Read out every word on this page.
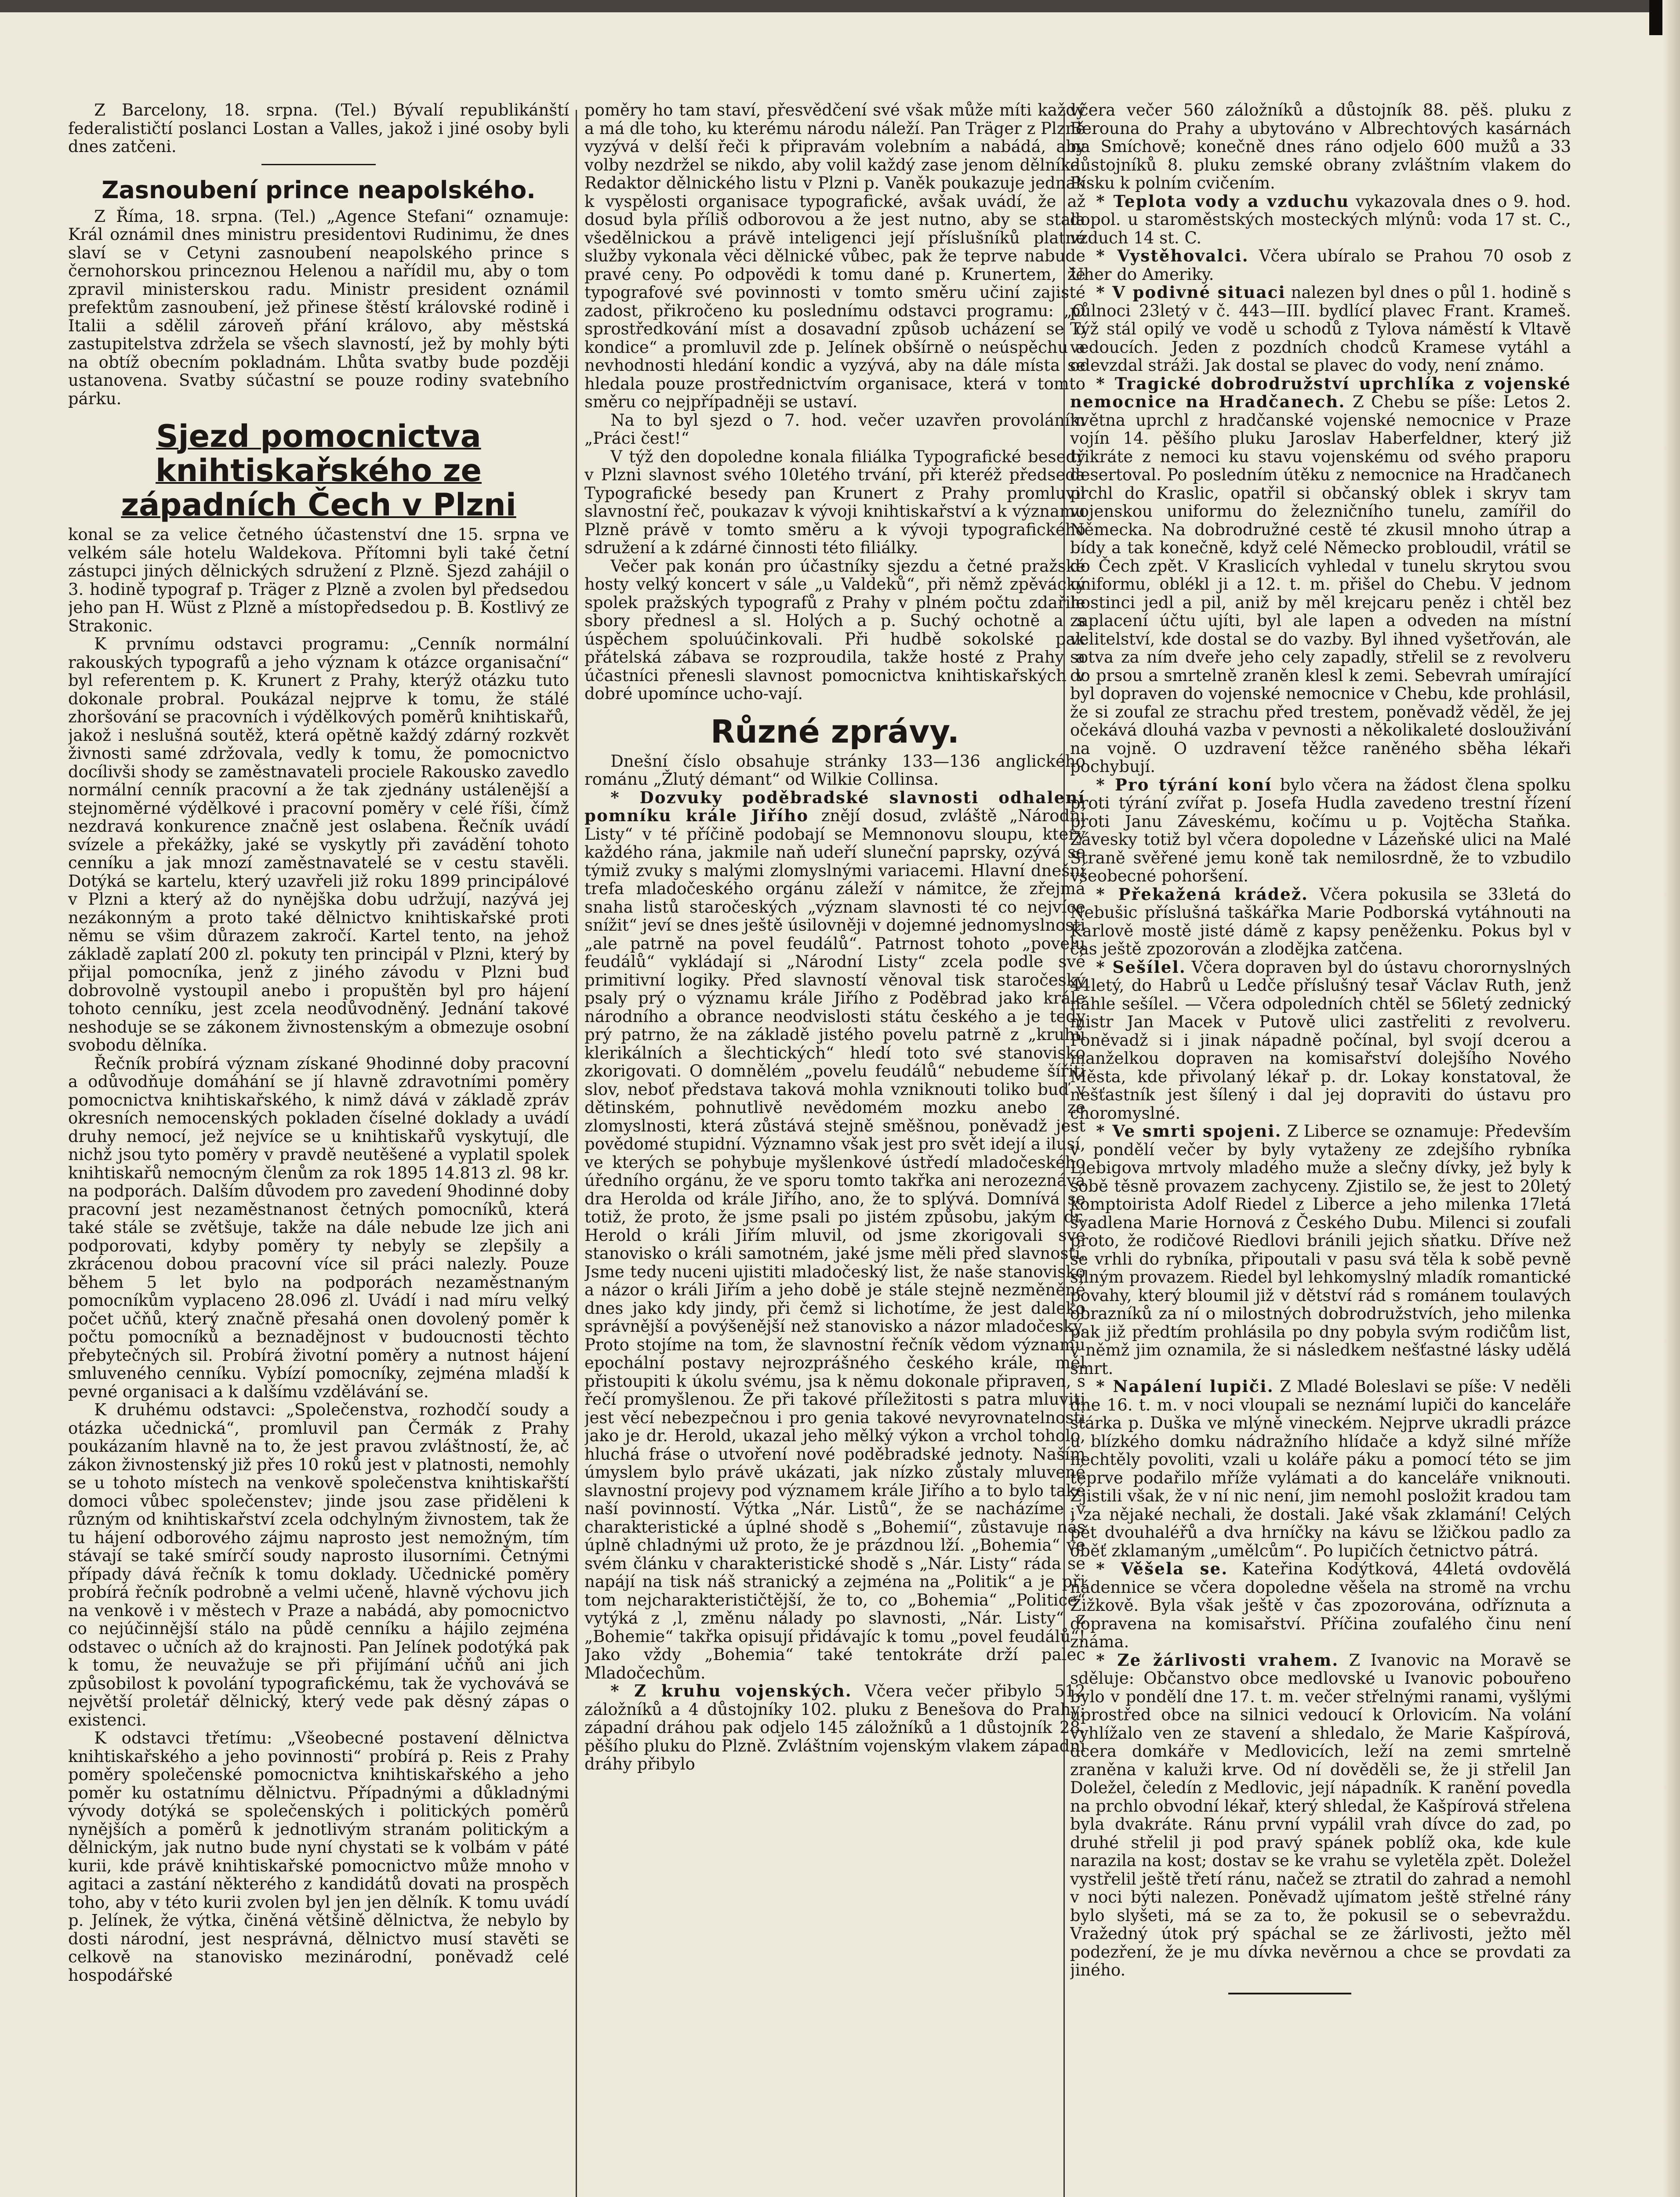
Z Barcelony, 18. srpna. (Tel.) Bývalí republikánští federalističtí poslanci Lostan a Valles, jakož i jiné osoby byli dnes zatčeni.

Zasnoubení prince neapolského.

Z Říma, 18. srpna. (Tel.) „Agence Stefani“ oznamuje: Král oznámil dnes ministru presidentovi Rudinimu, že dnes slaví se v Cetyni zasnoubení neapolského prince s černohorskou princeznou Helenou a nařídil mu, aby o tom zpravil ministerskou radu. Ministr president oznámil prefektům zasnoubení, jež přinese štěstí královské rodině i Italii a sdělil zároveň přání královo, aby městská zastupitelstva zdržela se všech slavností, jež by mohly býti na obtíž obecním pokladnám. Lhůta svatby bude později ustanovena. Svatby súčastní se pouze rodiny svatebního párku.

Sjezd pomocnictva knihtiskařského ze západních Čech v Plzni

konal se za velice četného účastenství dne 15. srpna ve velkém sále hotelu Waldekova. Přítomni byli také četní zástupci jiných dělnických sdružení z Plzně. Sjezd zahájil o 3. hodině typograf p. Träger z Plzně a zvolen byl předsedou jeho pan H. Wüst z Plzně a místopředsedou p. B. Kostlivý ze Strakonic.

K prvnímu odstavci programu: „Cenník normální rakouských typografů a jeho význam k otázce organisační“ byl referentem p. K. Krunert z Prahy, kterýž otázku tuto dokonale probral. Poukázal nejprve k tomu, že stálé zhoršování se pracovních i výdělkových poměrů knihtiskařů, jakož i neslušná soutěž, která opětně každý zdárný rozkvět živnosti samé zdržovala, vedly k tomu, že pomocnictvo docílivši shody se zaměstnavateli prociele Rakousko zavedlo normální cenník pracovní a že tak zjednány ustálenější a stejnoměrné výdělkové i pracovní poměry v celé říši, čímž nezdravá konkurence značně jest oslabena. Řečník uvádí svízele a překážky, jaké se vyskytly při zavádění tohoto cenníku a jak mnozí zaměstnavatelé se v cestu stavěli. Dotýká se kartelu, který uzavřeli již roku 1899 principálové v Plzni a který až do nynějška dobu udržují, nazývá jej nezákonným a proto také dělnictvo knihtiskařské proti němu se všim důrazem zakročí. Kartel tento, na jehož základě zaplatí 200 zl. pokuty ten principál v Plzni, který by přijal pomocníka, jenž z jiného závodu v Plzni buď dobrovolně vystoupil anebo i propuštěn byl pro hájení tohoto cenníku, jest zcela neodůvodněný. Jednání takové neshoduje se se zákonem živnostenským a obmezuje osobní svobodu dělníka.

Řečník probírá význam získané 9hodinné doby pracovní a odůvodňuje domáhání se jí hlavně zdravotními poměry pomocnictva knihtiskařského, k nimž dává v základě zpráv okresních nemocenských pokladen číselné doklady a uvádí druhy nemocí, jež nejvíce se u knihtiskařů vyskytují, dle nichž jsou tyto poměry v pravdě neutěšené a vyplatil spolek knihtiskařů nemocným členům za rok 1895 14.813 zl. 98 kr. na podporách. Dalším důvodem pro zavedení 9hodinné doby pracovní jest nezaměstnanost četných pomocníků, která také stále se zvětšuje, takže na dále nebude lze jich ani podporovati, kdyby poměry ty nebyly se zlepšily a zkrácenou dobou pracovní více sil práci nalezly. Pouze během 5 let bylo na podporách nezaměstnaným pomocníkům vyplaceno 28.096 zl. Uvádí i nad míru velký počet učňů, který značně přesahá onen dovolený poměr k počtu pomocníků a beznadějnost v budoucnosti těchto přebytečných sil. Probírá životní poměry a nutnost hájení smluveného cenníku. Vybízí pomocníky, zejména mladší k pevné organisaci a k dalšímu vzdělávání se.

K druhému odstavci: „Společenstva, rozhodčí soudy a otázka učednická“, promluvil pan Čermák z Prahy poukázaním hlavně na to, že jest pravou zvláštností, že, ač zákon živnostenský již přes 10 roků jest v platnosti, nemohly se u tohoto místech na venkově společenstva knihtiskařští domoci vůbec společenstev; jinde jsou zase přiděleni k různým od knihtiskařství zcela odchylným živnostem, tak že tu hájení odborového zájmu naprosto jest nemožným, tím stávají se také smírčí soudy naprosto ilusorními. Četnými případy dává řečník k tomu doklady. Učednické poměry probírá řečník podrobně a velmi učeně, hlavně výchovu jich na venkově i v městech v Praze a nabádá, aby pomocnictvo co nejúčinnější stálo na půdě cenníku a hájilo zejména odstavec o učních až do krajnosti. Pan Jelínek podotýká pak k tomu, že neuvažuje se při přijímání učňů ani jich způsobilost k povolání typografickému, tak že vychovává se největší proletář dělnický, který vede pak děsný zápas o existenci.

K odstavci třetímu: „Všeobecné postavení dělnictva knihtiskařského a jeho povinnosti“ probírá p. Reis z Prahy poměry společenské pomocnictva knihtiskařského a jeho poměr ku ostatnímu dělnictvu. Případnými a důkladnými vývody dotýká se společenských i politických poměrů nynějších a poměrů k jednotlivým stranám politickým a dělnickým, jak nutno bude nyní chystati se k volbám v páté kurii, kde právě knihtiskařské pomocnictvo může mnoho v agitaci a zastání některého z kandidátů dovati na prospěch toho, aby v této kurii zvolen byl jen jen dělník. K tomu uvádí p. Jelínek, že výtka, činěná většině dělnictva, že nebylo by dosti národní, jest nesprávná, dělnictvo musí stavěti se celkově na stanovisko mezinárodní, poněvadž celé hospodářské

poměry ho tam staví, přesvědčení své však může míti každý a má dle toho, ku kterému národu náleží. Pan Träger z Plzně vyzývá v delší řeči k připravám volebním a nabádá, aby volby nezdržel se nikdo, aby volil každý zase jenom dělníka. Redaktor dělnického listu v Plzni p. Vaněk poukazuje jednak k vyspělosti organisace typografické, avšak uvádí, že až dosud byla příliš odborovou a že jest nutno, aby se stala všedělnickou a právě inteligenci její příslušníků platné služby vykonala věci dělnické vůbec, pak že teprve nabude pravé ceny. Po odpovědi k tomu dané p. Krunertem, že typografové své povinnosti v tomto směru učiní zajisté zadost, přikročeno ku poslednímu odstavci programu: „O sprostředkování míst a dosavadní způsob ucházení se o kondice“ a promluvil zde p. Jelínek obšírně o neúspěchu a nevhodnosti hledání kondic a vyzývá, aby na dále místa se hledala pouze prostřednictvím organisace, která v tomto směru co nejpřípadněji se ustaví.

Na to byl sjezd o 7. hod. večer uzavřen provoláním „Práci čest!“

V týž den dopoledne konala filiálka Typografické besedy v Plzni slavnost svého 10letého trvání, při kteréž předseda Typografické besedy pan Krunert z Prahy promluvil slavnostní řeč, poukazav k vývoji knihtiskařství a k významu Plzně právě v tomto směru a k vývoji typografického sdružení a k zdárné činnosti této filiálky.

Večer pak konán pro účastníky sjezdu a četné pražské hosty velký koncert v sále „u Valdeků“, při němž zpěvácký spolek pražských typografů z Prahy v plném počtu zdařile sbory přednesl a sl. Holých a p. Suchý ochotně a s úspěchem spoluúčinkovali. Při hudbě sokolské pak přátelská zábava se rozproudila, takže hosté z Prahy a účastníci přenesli slavnost pomocnictva knihtiskařských v dobré upomínce ucho-vají.

Různé zprávy.

Dnešní číslo obsahuje stránky 133—136 anglického románu „Žlutý démant“ od Wilkie Collinsa.

* Dozvuky poděbradské slavnosti odhalení pomníku krále Jiřího znějí dosud, zvláště „Národní Listy“ v té příčině podobají se Memnonovu sloupu, který každého rána, jakmile naň udeří sluneční paprsky, ozývá se týmiž zvuky s malými zlomyslnými variacemi. Hlavní dnešní trefa mladočeského orgánu záleží v námitce, že zřejmá snaha listů staročeských „význam slavnosti té co nejvíce snížit“ jeví se dnes ještě úsilovněji v dojemné jednomyslnosti „ale patrně na povel feudálů“. Patrnost tohoto „povelu feudálů“ vykládají si „Národní Listy“ zcela podle své primitivní logiky. Před slavností věnoval tisk staročeský psaly prý o významu krále Jiřího z Poděbrad jako krále národního a obrance neodvislosti státu českého a je tedy prý patrno, že na základě jistého povelu patrně z „kruhů klerikálních a šlechtických“ hledí toto své stanovisko zkorigovati. O domnělém „povelu feudálů“ nebudeme šířiti slov, neboť představa taková mohla vzniknouti toliko buď v dětinském, pohnutlivě nevědomém mozku anebo ze zlomyslnosti, která zůstává stejně směšnou, poněvadž jest povědomé stupidní. Významno však jest pro svět idejí a ilusí, ve kterých se pohybuje myšlenkové ústředí mladočeského úředního orgánu, že ve sporu tomto takřka ani nerozeznává dra Herolda od krále Jiřího, ano, že to splývá. Domnívá se totiž, že proto, že jsme psali po jistém způsobu, jakým dr. Herold o králi Jiřím mluvil, od jsme zkorigovali své stanovisko o králi samotném, jaké jsme měli před slavností. Jsme tedy nuceni ujistiti mladočeský list, že naše stanovisko a názor o králi Jiřím a jeho době je stále stejně nezměněné dnes jako kdy jindy, při čemž si lichotíme, že jest daleko správnější a povýšenější než stanovisko a názor mladočeský. Proto stojíme na tom, že slavnostní řečník vědom významu epochální postavy nejrozprášného českého krále, měl přistoupiti k úkolu svému, jsa k němu dokonale připraven, s řečí promyšlenou. Že při takové příležitosti s patra mluviti jest věcí nebezpečnou i pro genia takové nevyrovnatelnosti jako je dr. Herold, ukazal jeho mělký výkon a vrchol toholo, hluchá fráse o utvoření nové poděbradské jednoty. Naším úmyslem bylo právě ukázati, jak nízko zůstaly mluvené slavnostní projevy pod významem krále Jiřího a to bylo také naší povinností. Výtka „Nár. Listů“, že se nacházíme v charakteristické a úplné shodě s „Bohemií“, zůstavuje nás úplně chladnými už proto, že je prázdnou lží. „Bohemia“ ve svém článku v charakteristické shodě s „Nár. Listy“ ráda se napájí na tisk náš stranický a zejména na „Politik“ a je při tom nejcharakterističtější, že to, co „Bohemia“ „Politice“ vytýká z ,l, změnu nálady po slavnosti, „Nár. Listy“ z „Bohemie“ takřka opisují přidávajíc k tomu „povel feudálů“! Jako vždy „Bohemia“ také tentokráte drží palec Mladočechům.

* Z kruhu vojenských. Včera večer přibylo 512 záložníků a 4 důstojníky 102. pluku z Benešova do Prahy; západní dráhou pak odjelo 145 záložníků a 1 důstojník 28. pěšího pluku do Plzně. Zvláštním vojenským vlakem západní dráhy přibylo

včera večer 560 záložníků a důstojník 88. pěš. pluku z Berouna do Prahy a ubytováno v Albrechtových kasárnách na Smíchově; konečně dnes ráno odjelo 600 mužů a 33 důstojníků 8. pluku zemské obrany zvláštním vlakem do Písku k polním cvičením.

* Teplota vody a vzduchu vykazovala dnes o 9. hod. dopol. u staroměstských mosteckých mlýnů: voda 17 st. C., vzduch 14 st. C.

* Vystěhovalci. Včera ubíralo se Prahou 70 osob z Uher do Ameriky.

* V podivné situaci nalezen byl dnes o půl 1. hodině s půlnoci 23letý v č. 443—III. bydlící plavec Frant. Krameš. Týž stál opilý ve vodě u schodů z Tylova náměstí k Vltavě vedoucích. Jeden z pozdních chodců Kramese vytáhl a odevzdal stráži. Jak dostal se plavec do vody, není známo.

* Tragické dobrodružství uprchlíka z vojenské nemocnice na Hradčanech. Z Chebu se píše: Letos 2. května uprchl z hradčanské vojenské nemocnice v Praze vojín 14. pěšího pluku Jaroslav Haberfeldner, který již třikráte z nemoci ku stavu vojenskému od svého praporu desertoval. Po posledním útěku z nemocnice na Hradčanech prchl do Kraslic, opatřil si občanský oblek i skryv tam vojenskou uniformu do železničního tunelu, zamířil do Německa. Na dobrodružné cestě té zkusil mnoho útrap a bídy a tak konečně, když celé Německo probloudil, vrátil se do Čech zpět. V Kraslicích vyhledal v tunelu skrytou svou uniformu, oblékl ji a 12. t. m. přišel do Chebu. V jednom hostinci jedl a pil, aniž by měl krejcaru peněz i chtěl bez zaplacení účtu ujíti, byl ale lapen a odveden na místní velitelství, kde dostal se do vazby. Byl ihned vyšetřován, ale sotva za ním dveře jeho cely zapadly, střelil se z revolveru do prsou a smrtelně zraněn klesl k zemi. Sebevrah umírající byl dopraven do vojenské nemocnice v Chebu, kde prohlásil, že si zoufal ze strachu před trestem, poněvadž věděl, že jej očekává dlouhá vazba v pevnosti a několikaleté doslouživání na vojně. O uzdravení těžce raněného sběha lékaři pochybují.

* Pro týrání koní bylo včera na žádost člena spolku proti týrání zvířat p. Josefa Hudla zavedeno trestní řízení proti Janu Záveskému, kočímu u p. Vojtěcha Staňka. Závesky totiž byl včera dopoledne v Lázeňské ulici na Malé Straně svěřené jemu koně tak nemilosrdně, že to vzbudilo všeobecné pohoršení.

* Překažená krádež. Včera pokusila se 33letá do Nebušic příslušná taškářka Marie Podborská vytáhnouti na Karlově mostě jisté dámě z kapsy peněženku. Pokus byl v čas ještě zpozorován a zlodějka zatčena.

* Sešílel. Včera dopraven byl do ústavu chorornyslných 44letý, do Habrů u Ledče příslušný tesař Václav Ruth, jenž náhle sešílel. — Včera odpoledních chtěl se 56letý zednický mistr Jan Macek v Putově ulici zastřeliti z revolveru. Poněvadž si i jinak nápadně počínal, byl svojí dcerou a manželkou dopraven na komisařství dolejšího Nového Města, kde přivolaný lékař p. dr. Lokay konstatoval, že nešťastník jest šílený i dal jej dopraviti do ústavu pro choromyslné.

* Ve smrti spojeni. Z Liberce se oznamuje: Především v pondělí večer by byly vytaženy ze zdejšího rybníka Liebigova mrtvoly mladého muže a slečny dívky, jež byly k sobě těsně provazem zachyceny. Zjistilo se, že jest to 20letý komptoirista Adolf Riedel z Liberce a jeho milenka 17letá švadlena Marie Hornová z Českého Dubu. Milenci si zoufali proto, že rodičové Riedlovi bránili jejich sňatku. Dříve než se vrhli do rybníka, připoutali v pasu svá těla k sobě pevně silným provazem. Riedel byl lehkomyslný mladík romantické povahy, který bloumil již v dětství rád s románem toulavých obrazníků za ní o milostných dobrodružstvích, jeho milenka pak již předtím prohlásila po dny pobyla svým rodičům list, v němž jim oznamila, že si následkem nešťastné lásky udělá smrt.

* Napálení lupiči. Z Mladé Boleslavi se píše: V neděli dne 16. t. m. v noci vloupali se neznámí lupiči do kanceláře stárka p. Duška ve mlýně vineckém. Nejprve ukradli prázce u blízkého domku nádražního hlídače a když silné mříže nechtěly povoliti, vzali u koláře páku a pomocí této se jim teprve podařilo mříže vylámati a do kanceláře vniknouti. Zjistili však, že v ní nic není, jim nemohl posložit kradou tam i za nějaké nechali, že dostali. Jaké však zklamání! Celých pět dvouhaléřů a dva hrníčky na kávu se lžičkou padlo za oběť zklamaným „umělcům“. Po lupičích četnictvo pátrá.

* Věšela se. Kateřina Kodýtková, 44letá ovdovělá nádennice se včera dopoledne věšela na stromě na vrchu Žižkově. Byla však ještě v čas zpozorována, odříznuta a dopravena na komisařství. Příčina zoufalého činu není známa.

* Ze žárlivosti vrahem. Z Ivanovic na Moravě se sděluje: Občanstvo obce medlovské u Ivanovic pobouřeno bylo v pondělí dne 17. t. m. večer střelnými ranami, vyšlými uprostřed obce na silnici vedoucí k Orlovicím. Na volání vyhlížalo ven ze stavení a shledalo, že Marie Kašpírová, dcera domkáře v Medlovicích, leží na zemi smrtelně zraněna v kaluži krve. Od ní dověděli se, že ji střelil Jan Doležel, čeledín z Medlovic, její nápadník. K ranění povedla na prchlo obvodní lékař, který shledal, že Kašpírová střelena byla dvakráte. Ránu první vypálil vrah dívce do zad, po druhé střelil ji pod pravý spánek poblíž oka, kde kule narazila na kost; dostav se ke vrahu se vyletěla zpět. Doležel vystřelil ještě třetí ránu, načež se ztratil do zahrad a nemohl v noci býti nalezen. Poněvadž ujímatom ještě střelné rány bylo slyšeti, má se za to, že pokusil se o sebevraždu. Vražedný útok prý spáchal se ze žárlivosti, ježto měl podezření, že je mu dívka nevěrnou a chce se provdati za jiného.
